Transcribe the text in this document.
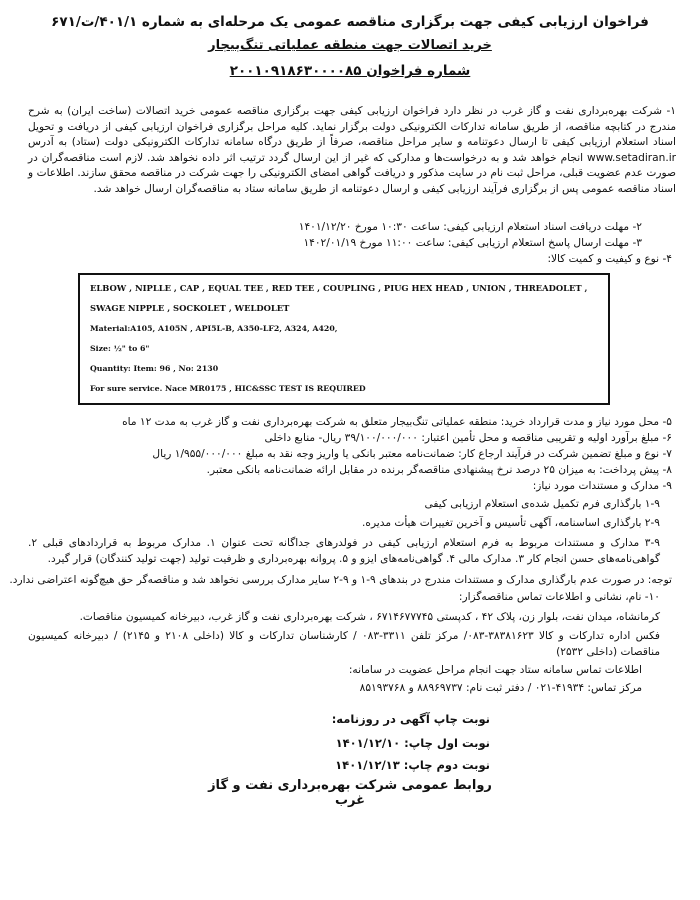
فراخوان ارزیابی کیفی جهت برگزاری مناقصه عمومی یک مرحله‌ای به شماره ۴۰۱/۱/ت/۶۷۱
خرید اتصالات جهت منطقه عملیاتی تنگ‌بیجار
شماره فراخوان ۲۰۰۱۰۹۱۸۶۳۰۰۰۰۸۵
۱- شرکت بهره‌برداری نفت و گاز غرب در نظر دارد فراخوان ارزیابی کیفی جهت برگزاری مناقصه عمومی خرید اتصالات (ساخت ایران) به شرح مندرج در کتابچه مناقصه، از طریق سامانه تدارکات الکترونیکی دولت برگزار نماید. کلیه مراحل برگزاری فراخوان ارزیابی کیفی از دریافت و تحویل اسناد استعلام ارزیابی کیفی تا ارسال دعوتنامه و سایر مراحل مناقصه، صرفاً از طریق درگاه سامانه تدارکات الکترونیکی دولت (ستاد) به آدرس www.setadiran.ir انجام خواهد شد و به درخواست‌ها و مدارکی که غیر از این ارسال گردد ترتیب اثر داده نخواهد شد. لازم است مناقصه‌گران در صورت عدم عضویت قبلی، مراحل ثبت نام در سایت مذکور و دریافت گواهی امضای الکترونیکی را جهت شرکت در مناقصه محقق سازند. اطلاعات و اسناد مناقصه عمومی پس از برگزاری فرآیند ارزیابی کیفی و ارسال دعوتنامه از طریق سامانه ستاد به مناقصه‌گران ارسال خواهد شد.
۲- مهلت دریافت اسناد استعلام ارزیابی کیفی: ساعت ۱۰:۳۰ مورخ ۱۴۰۱/۱۲/۲۰
۳- مهلت ارسال پاسخ استعلام ارزیابی کیفی: ساعت ۱۱:۰۰ مورخ ۱۴۰۲/۰۱/۱۹
۴- نوع و کیفیت و کمیت کالا:

ELBOW , NIPLLE , CAP , EQUAL TEE , RED TEE , COUPLING , PIUG HEX HEAD , UNION , THREADOLET ,

SWAGE NIPPLE , SOCKOLET , WELDOLET

Material:A105, A105N , API5L-B, A350-LF2, A324, A420,

Size: ½" to 6"

Quantity: Item: 96 , No: 2130

For sure service. Nace MR0175 , HIC&SSC TEST IS REQUIRED

۵- محل مورد نیاز و مدت قرارداد خرید: منطقه عملیاتی تنگ‌بیجار متعلق به شرکت بهره‌برداری نفت و گاز غرب به مدت ۱۲ ماه
۶- مبلغ برآورد اولیه و تقریبی مناقصه و محل تأمین اعتبار: ۳۹/۱۰۰/۰۰۰/۰۰۰ ریال- منابع داخلی
۷- نوع و مبلغ تضمین شرکت در فرآیند ارجاع کار: ضمانت‌نامه معتبر بانکی یا واریز وجه نقد به مبلغ ۱/۹۵۵/۰۰۰/۰۰۰ ریال
۸- پیش پرداخت: به میزان ۲۵ درصد نرخ پیشنهادی مناقصه‌گر برنده در مقابل ارائه ضمانت‌نامه بانکی معتبر.
۹- مدارک و مستندات مورد نیاز:
۱-۹ بارگذاری فرم تکمیل شده‌ی استعلام ارزیابی کیفی
۲-۹ بارگذاری اساسنامه، آگهی تأسیس و آخرین تغییرات هیأت مدیره.
۳-۹ مدارک و مستندات مربوط به فرم استعلام ارزیابی کیفی در فولدرهای جداگانه تحت عنوان ۱. مدارک مربوط به قراردادهای قبلی ۲. گواهی‌نامه‌های حسن انجام کار ۳. مدارک مالی ۴. گواهی‌نامه‌های ایزو و ۵. پروانه بهره‌برداری و ظرفیت تولید (جهت تولید کنندگان) قرار گیرد.
توجه: در صورت عدم بارگذاری مدارک و مستندات مندرج در بندهای ۹-۱ و ۹-۲ سایر مدارک بررسی نخواهد شد و مناقصه‌گر حق هیچ‌گونه اعتراضی ندارد.
۱۰- نام، نشانی و اطلاعات تماس مناقصه‌گزار:
کرمانشاه، میدان نفت، بلوار زن، پلاک ۴۲ ، کدپستی ۶۷۱۴۶۷۷۷۴۵ ، شرکت بهره‌برداری نفت و گاز غرب، دبیرخانه کمیسیون مناقصات.
فکس اداره تدارکات و کالا ۳۸۳۸۱۶۲۳-۰۸۳/ مرکز تلفن ۳۳۱۱-۰۸۳ / کارشناسان تدارکات و کالا (داخلی ۲۱۰۸ و ۲۱۴۵) / دبیرخانه کمیسیون مناقصات (داخلی ۲۵۳۲)
اطلاعات تماس سامانه ستاد جهت انجام مراحل عضویت در سامانه:
مرکز تماس: ۴۱۹۳۴-۰۲۱ / دفتر ثبت نام: ۸۸۹۶۹۷۳۷ و ۸۵۱۹۳۷۶۸
نوبت چاپ آگهی در روزنامه:
نوبت اول چاپ: ۱۴۰۱/۱۲/۱۰
نوبت دوم چاپ: ۱۴۰۱/۱۲/۱۳
روابط عمومی شرکت بهره‌برداری نفت و گاز غرب
